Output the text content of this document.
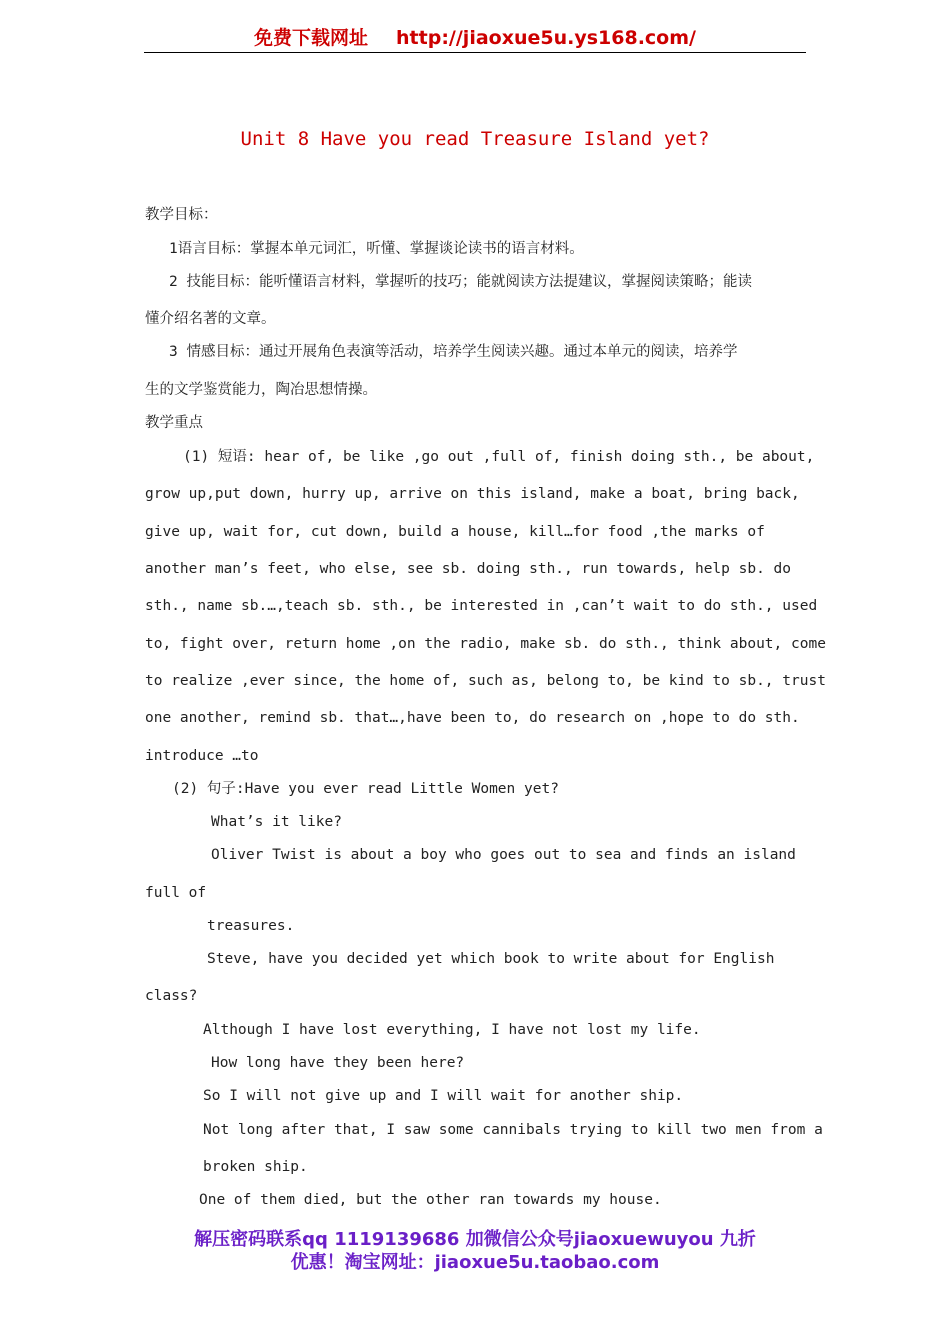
免费下载网址 http://jiaoxue5u.ys168.com/
Unit 8 Have you read Treasure Island yet?
教学目标：
1语言目标：掌握本单元词汇，听懂、掌握谈论读书的语言材料。
2 技能目标：能听懂语言材料，掌握听的技巧；能就阅读方法提建议，掌握阅读策略；能读
懂介绍名著的文章。
3 情感目标：通过开展角色表演等活动，培养学生阅读兴趣。通过本单元的阅读，培养学
生的文学鉴赏能力，陶冶思想情操。
教学重点
(1) 短语: hear of, be like ,go out ,full of, finish doing sth., be about,
grow up,put down, hurry up, arrive on this island, make a boat, bring back,
give up, wait for, cut down, build a house, kill…for food ,the marks of
another man’s feet, who else, see sb. doing sth., run towards, help sb. do
sth., name sb.…,teach sb. sth., be interested in ,can’t wait to do sth., used
to, fight over, return home ,on the radio, make sb. do sth., think about, come
to realize ,ever since, the home of, such as, belong to, be kind to sb., trust
one another, remind sb. that…,have been to, do research on ,hope to do sth.
introduce …to
(2) 句子:Have you ever read Little Women yet?
What’s it like?
Oliver Twist is about a boy who goes out to sea and finds an island
full of
treasures.
Steve, have you decided yet which book to write about for English
class?
Although I have lost everything, I have not lost my life.
How long have they been here?
So I will not give up and I will wait for another ship.
Not long after that, I saw some cannibals trying to kill two men from a
broken ship.
One of them died, but the other ran towards my house.
解压密码联系qq 1119139686 加微信公众号jiaoxuewuyou 九折
优惠！淘宝网址：jiaoxue5u.taobao.com
